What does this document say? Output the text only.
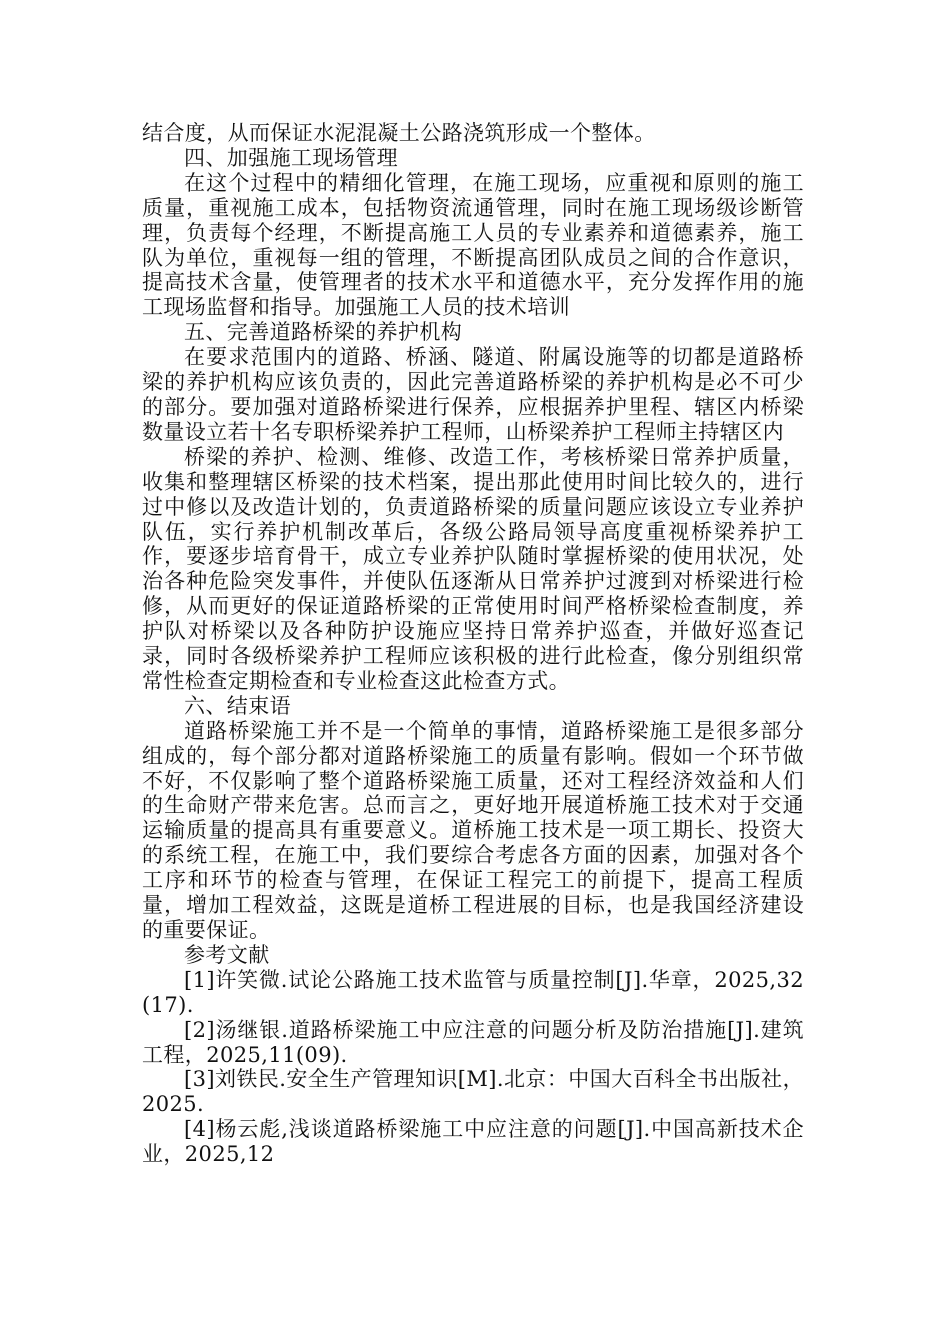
结合度，从而保证水泥混凝土公路浇筑形成一个整体。

四、加强施工现场管理

在这个过程中的精细化管理，在施工现场，应重视和原则的施工质量，重视施工成本，包括物资流通管理，同时在施工现场级诊断管理，负责每个经理，不断提高施工人员的专业素养和道德素养，施工队为单位，重视每一组的管理，不断提高团队成员之间的合作意识，提高技术含量，使管理者的技术水平和道德水平，充分发挥作用的施工现场监督和指导。加强施工人员的技术培训

五、完善道路桥梁的养护机构

在要求范围内的道路、桥涵、隧道、附属设施等的切都是道路桥梁的养护机构应该负责的，因此完善道路桥梁的养护机构是必不可少的部分。要加强对道路桥梁进行保养，应根据养护里程、辖区内桥梁数量设立若十名专职桥梁养护工程师，山桥梁养护工程师主持辖区内

桥梁的养护、检测、维修、改造工作，考核桥梁日常养护质量，收集和整理辖区桥梁的技术档案，提出那此使用时间比较久的，进行过中修以及改造计划的，负责道路桥梁的质量问题应该设立专业养护队伍，实行养护机制改革后，各级公路局领导高度重视桥梁养护工作，要逐步培育骨干，成立专业养护队随时掌握桥梁的使用状况，处治各种危险突发事件，并使队伍逐渐从日常养护过渡到对桥梁进行检修，从而更好的保证道路桥梁的正常使用时间严格桥梁检查制度，养护队对桥梁以及各种防护设施应坚持日常养护巡查，并做好巡查记录，同时各级桥梁养护工程师应该积极的进行此检查，像分别组织常常性检查定期检查和专业检查这此检查方式。

六、结束语

道路桥梁施工并不是一个简单的事情，道路桥梁施工是很多部分组成的，每个部分都对道路桥梁施工的质量有影响。假如一个环节做不好，不仅影响了整个道路桥梁施工质量，还对工程经济效益和人们的生命财产带来危害。总而言之，更好地开展道桥施工技术对于交通运输质量的提高具有重要意义。道桥施工技术是一项工期长、投资大的系统工程，在施工中，我们要综合考虑各方面的因素，加强对各个工序和环节的检查与管理，在保证工程完工的前提下，提高工程质量，增加工程效益，这既是道桥工程进展的目标，也是我国经济建设的重要保证。

参考文献

[1]许笑微.试论公路施工技术监管与质量控制[J].华章，2025,32(17).

[2]汤继银.道路桥梁施工中应注意的问题分析及防治措施[J].建筑工程，2025,11(09).

[3]刘铁民.安全生产管理知识[M].北京：中国大百科全书出版社，2025.

[4]杨云彪,浅谈道路桥梁施工中应注意的问题[J].中国高新技术企业，2025,12
